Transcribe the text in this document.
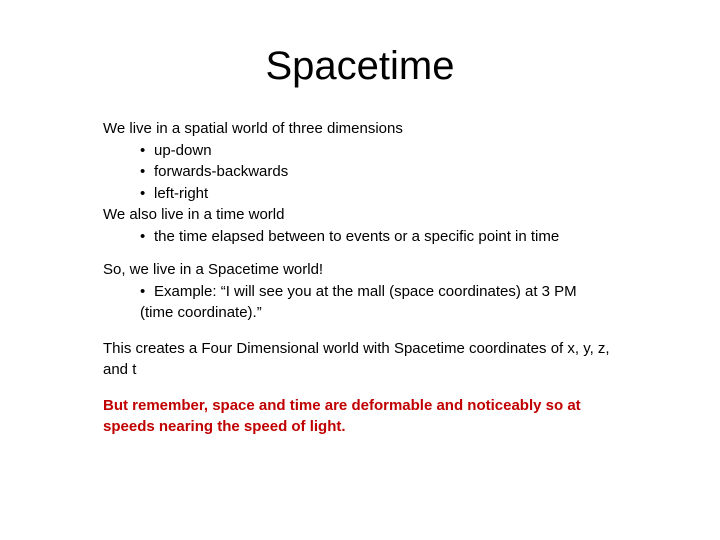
Spacetime
We live in a spatial world of three dimensions
• up-down
• forwards-backwards
• left-right
We also live in a time world
• the time elapsed between to events or a specific point in time
So, we live in a Spacetime world!
• Example: “I will see you at the mall (space coordinates) at 3 PM (time coordinate).”
This creates a Four Dimensional world with Spacetime coordinates of x, y, z, and t
But remember, space and time are deformable and noticeably so at speeds nearing the speed of light.
